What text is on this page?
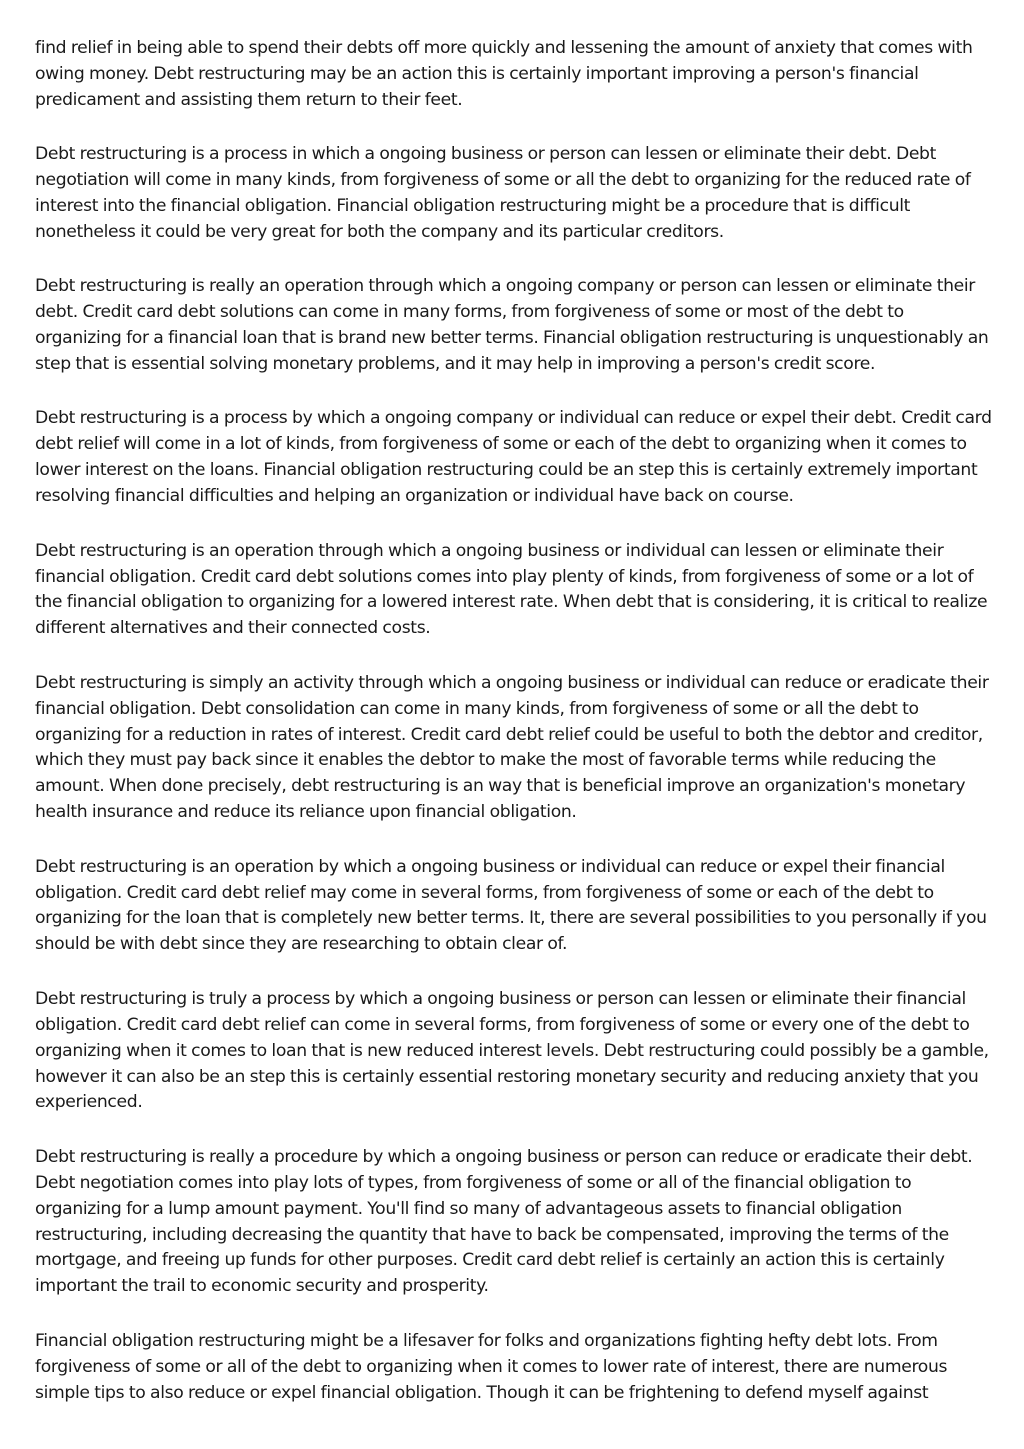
find relief in being able to spend their debts off more quickly and lessening the amount of anxiety that comes with owing money. Debt restructuring may be an action this is certainly important improving a person's financial predicament and assisting them return to their feet.

Debt restructuring is a process in which a ongoing business or person can lessen or eliminate their debt. Debt negotiation will come in many kinds, from forgiveness of some or all the debt to organizing for the reduced rate of interest into the financial obligation. Financial obligation restructuring might be a procedure that is difficult nonetheless it could be very great for both the company and its particular creditors.

Debt restructuring is really an operation through which a ongoing company or person can lessen or eliminate their debt. Credit card debt solutions can come in many forms, from forgiveness of some or most of the debt to organizing for a financial loan that is brand new better terms. Financial obligation restructuring is unquestionably an step that is essential solving monetary problems, and it may help in improving a person's credit score.

Debt restructuring is a process by which a ongoing company or individual can reduce or expel their debt. Credit card debt relief will come in a lot of kinds, from forgiveness of some or each of the debt to organizing when it comes to lower interest on the loans. Financial obligation restructuring could be an step this is certainly extremely important resolving financial difficulties and helping an organization or individual have back on course.

Debt restructuring is an operation through which a ongoing business or individual can lessen or eliminate their financial obligation. Credit card debt solutions comes into play plenty of kinds, from forgiveness of some or a lot of the financial obligation to organizing for a lowered interest rate. When debt that is considering, it is critical to realize different alternatives and their connected costs.

Debt restructuring is simply an activity through which a ongoing business or individual can reduce or eradicate their financial obligation. Debt consolidation can come in many kinds, from forgiveness of some or all the debt to organizing for a reduction in rates of interest. Credit card debt relief could be useful to both the debtor and creditor, which they must pay back since it enables the debtor to make the most of favorable terms while reducing the amount. When done precisely, debt restructuring is an way that is beneficial improve an organization's monetary health insurance and reduce its reliance upon financial obligation.

Debt restructuring is an operation by which a ongoing business or individual can reduce or expel their financial obligation. Credit card debt relief may come in several forms, from forgiveness of some or each of the debt to organizing for the loan that is completely new better terms. It, there are several possibilities to you personally if you should be with debt since they are researching to obtain clear of.

Debt restructuring is truly a process by which a ongoing business or person can lessen or eliminate their financial obligation. Credit card debt relief can come in several forms, from forgiveness of some or every one of the debt to organizing when it comes to loan that is new reduced interest levels. Debt restructuring could possibly be a gamble, however it can also be an step this is certainly essential restoring monetary security and reducing anxiety that you experienced.

Debt restructuring is really a procedure by which a ongoing business or person can reduce or eradicate their debt. Debt negotiation comes into play lots of types, from forgiveness of some or all of the financial obligation to organizing for a lump amount payment. You'll find so many of advantageous assets to financial obligation restructuring, including decreasing the quantity that have to back be compensated, improving the terms of the mortgage, and freeing up funds for other purposes. Credit card debt relief is certainly an action this is certainly important the trail to economic security and prosperity.

Financial obligation restructuring might be a lifesaver for folks and organizations fighting hefty debt lots. From forgiveness of some or all of the debt to organizing when it comes to lower rate of interest, there are numerous simple tips to also reduce or expel financial obligation. Though it can be frightening to defend myself against
